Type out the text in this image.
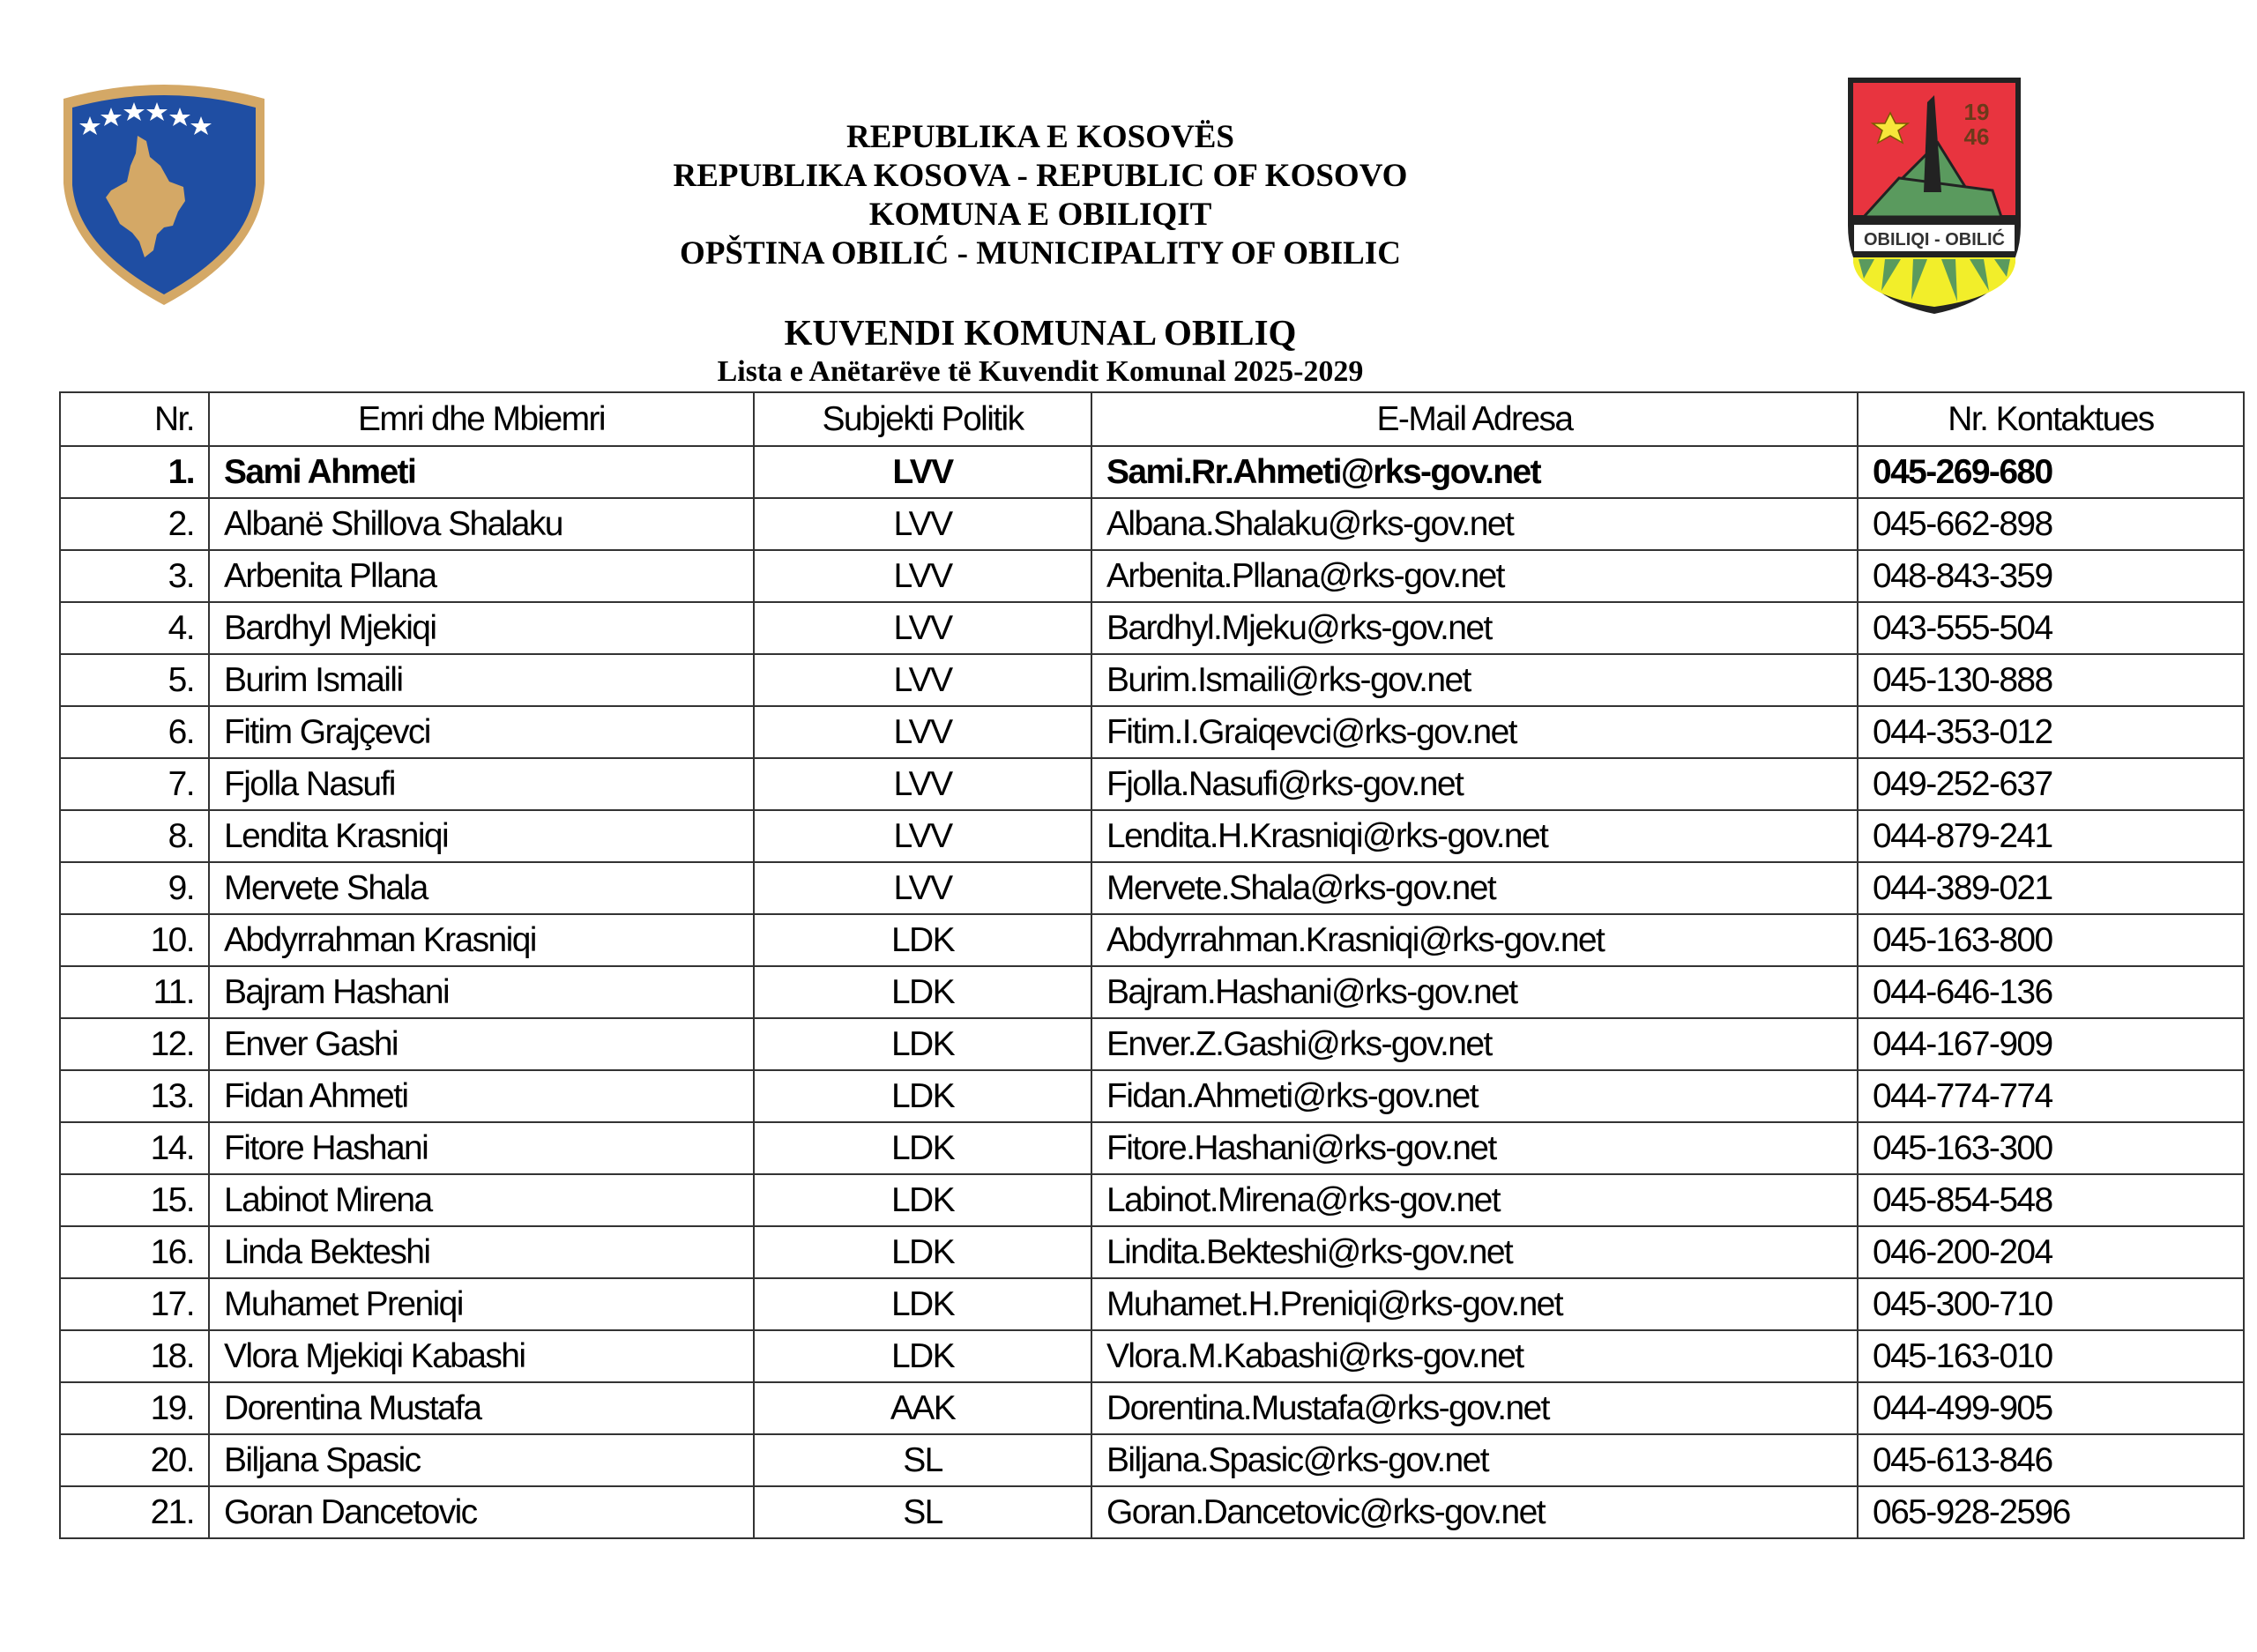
19
46
OBILIQI - OBILIĆ
REPUBLIKA E KOSOVËS
REPUBLIKA KOSOVA - REPUBLIC OF KOSOVO
KOMUNA E OBILIQIT
OPŠTINA OBILIĆ - MUNICIPALITY OF OBILIC
KUVENDI KOMUNAL OBILIQ
Lista e Anëtarëve të Kuvendit Komunal 2025-2029
Nr.	Emri dhe Mbiemri	Subjekti Politik	E-Mail Adresa	Nr. Kontaktues
1.	Sami Ahmeti	LVV	Sami.Rr.Ahmeti@rks-gov.net	045-269-680
2.	Albanë Shillova Shalaku	LVV	Albana.Shalaku@rks-gov.net	045-662-898
3.	Arbenita Pllana	LVV	Arbenita.Pllana@rks-gov.net	048-843-359
4.	Bardhyl Mjekiqi	LVV	Bardhyl.Mjeku@rks-gov.net	043-555-504
5.	Burim Ismaili	LVV	Burim.Ismaili@rks-gov.net	045-130-888
6.	Fitim Grajçevci	LVV	Fitim.I.Graiqevci@rks-gov.net	044-353-012
7.	Fjolla Nasufi	LVV	Fjolla.Nasufi@rks-gov.net	049-252-637
8.	Lendita Krasniqi	LVV	Lendita.H.Krasniqi@rks-gov.net	044-879-241
9.	Mervete Shala	LVV	Mervete.Shala@rks-gov.net	044-389-021
10.	Abdyrrahman Krasniqi	LDK	Abdyrrahman.Krasniqi@rks-gov.net	045-163-800
11.	Bajram Hashani	LDK	Bajram.Hashani@rks-gov.net	044-646-136
12.	Enver Gashi	LDK	Enver.Z.Gashi@rks-gov.net	044-167-909
13.	Fidan Ahmeti	LDK	Fidan.Ahmeti@rks-gov.net	044-774-774
14.	Fitore Hashani	LDK	Fitore.Hashani@rks-gov.net	045-163-300
15.	Labinot Mirena	LDK	Labinot.Mirena@rks-gov.net	045-854-548
16.	Linda Bekteshi	LDK	Lindita.Bekteshi@rks-gov.net	046-200-204
17.	Muhamet Preniqi	LDK	Muhamet.H.Preniqi@rks-gov.net	045-300-710
18.	Vlora Mjekiqi Kabashi	LDK	Vlora.M.Kabashi@rks-gov.net	045-163-010
19.	Dorentina Mustafa	AAK	Dorentina.Mustafa@rks-gov.net	044-499-905
20.	Biljana Spasic	SL	Biljana.Spasic@rks-gov.net	045-613-846
21.	Goran Dancetovic	SL	Goran.Dancetovic@rks-gov.net	065-928-2596
